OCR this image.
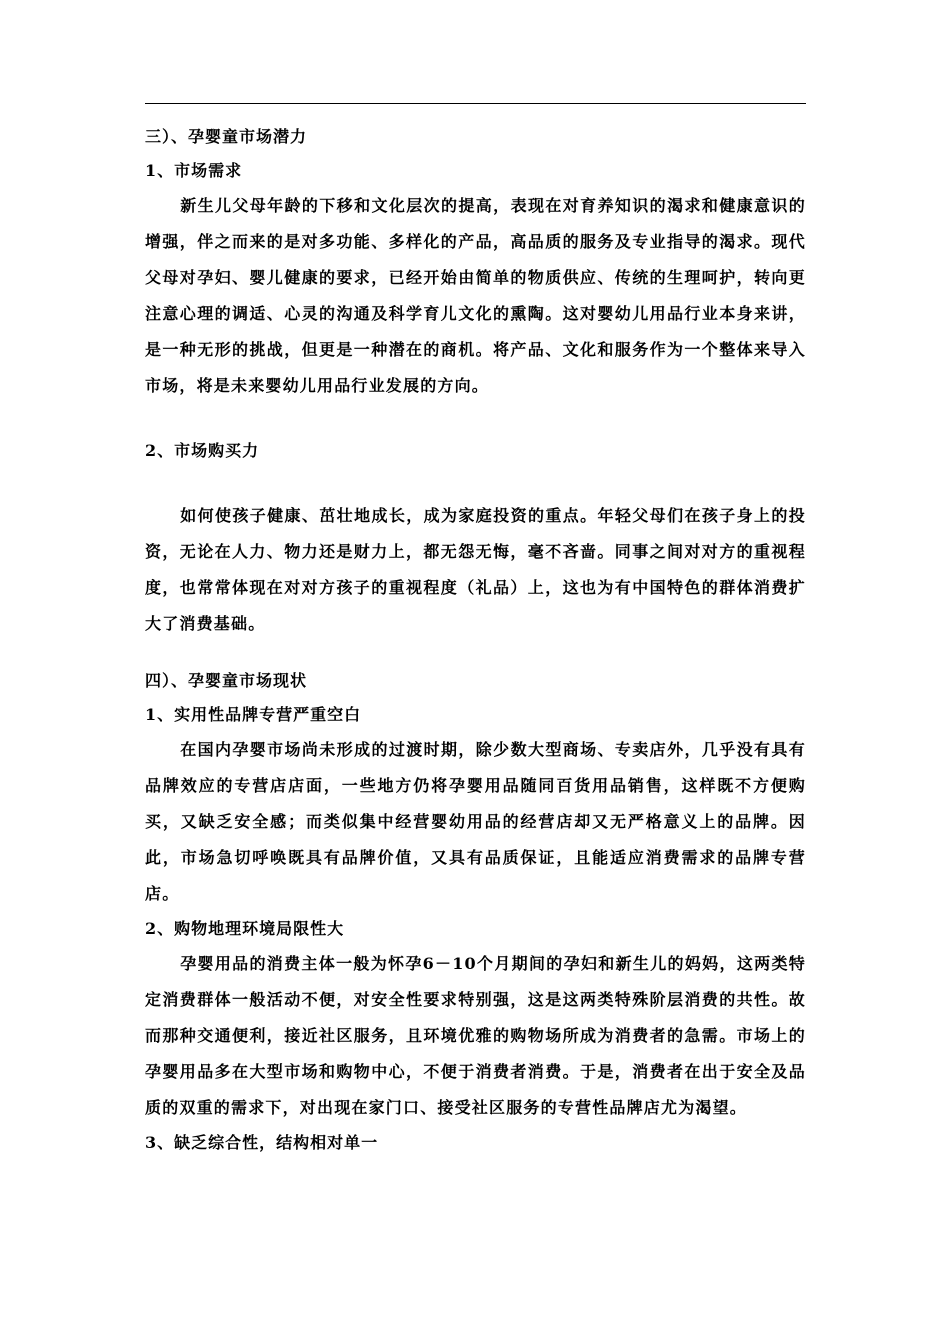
三）、孕婴童市场潜力

1、市场需求

新生儿父母年龄的下移和文化层次的提高，表现在对育养知识的渴求和健康意识的增强，伴之而来的是对多功能、多样化的产品，高品质的服务及专业指导的渴求。现代父母对孕妇、婴儿健康的要求，已经开始由简单的物质供应、传统的生理呵护，转向更注意心理的调适、心灵的沟通及科学育儿文化的熏陶。这对婴幼儿用品行业本身来讲，是一种无形的挑战，但更是一种潜在的商机。将产品、文化和服务作为一个整体来导入市场，将是未来婴幼儿用品行业发展的方向。

2、市场购买力

如何使孩子健康、茁壮地成长，成为家庭投资的重点。年轻父母们在孩子身上的投资，无论在人力、物力还是财力上，都无怨无悔，毫不吝啬。同事之间对对方的重视程度，也常常体现在对对方孩子的重视程度（礼品）上，这也为有中国特色的群体消费扩大了消费基础。

四）、孕婴童市场现状

1、实用性品牌专营严重空白

在国内孕婴市场尚未形成的过渡时期，除少数大型商场、专卖店外，几乎没有具有品牌效应的专营店店面，一些地方仍将孕婴用品随同百货用品销售，这样既不方便购买，又缺乏安全感；而类似集中经营婴幼用品的经营店却又无严格意义上的品牌。因此，市场急切呼唤既具有品牌价值，又具有品质保证，且能适应消费需求的品牌专营店。

2、购物地理环境局限性大

孕婴用品的消费主体一般为怀孕6－10个月期间的孕妇和新生儿的妈妈，这两类特定消费群体一般活动不便，对安全性要求特别强，这是这两类特殊阶层消费的共性。故而那种交通便利，接近社区服务，且环境优雅的购物场所成为消费者的急需。市场上的孕婴用品多在大型市场和购物中心，不便于消费者消费。于是，消费者在出于安全及品质的双重的需求下，对出现在家门口、接受社区服务的专营性品牌店尤为渴望。

3、缺乏综合性，结构相对单一
